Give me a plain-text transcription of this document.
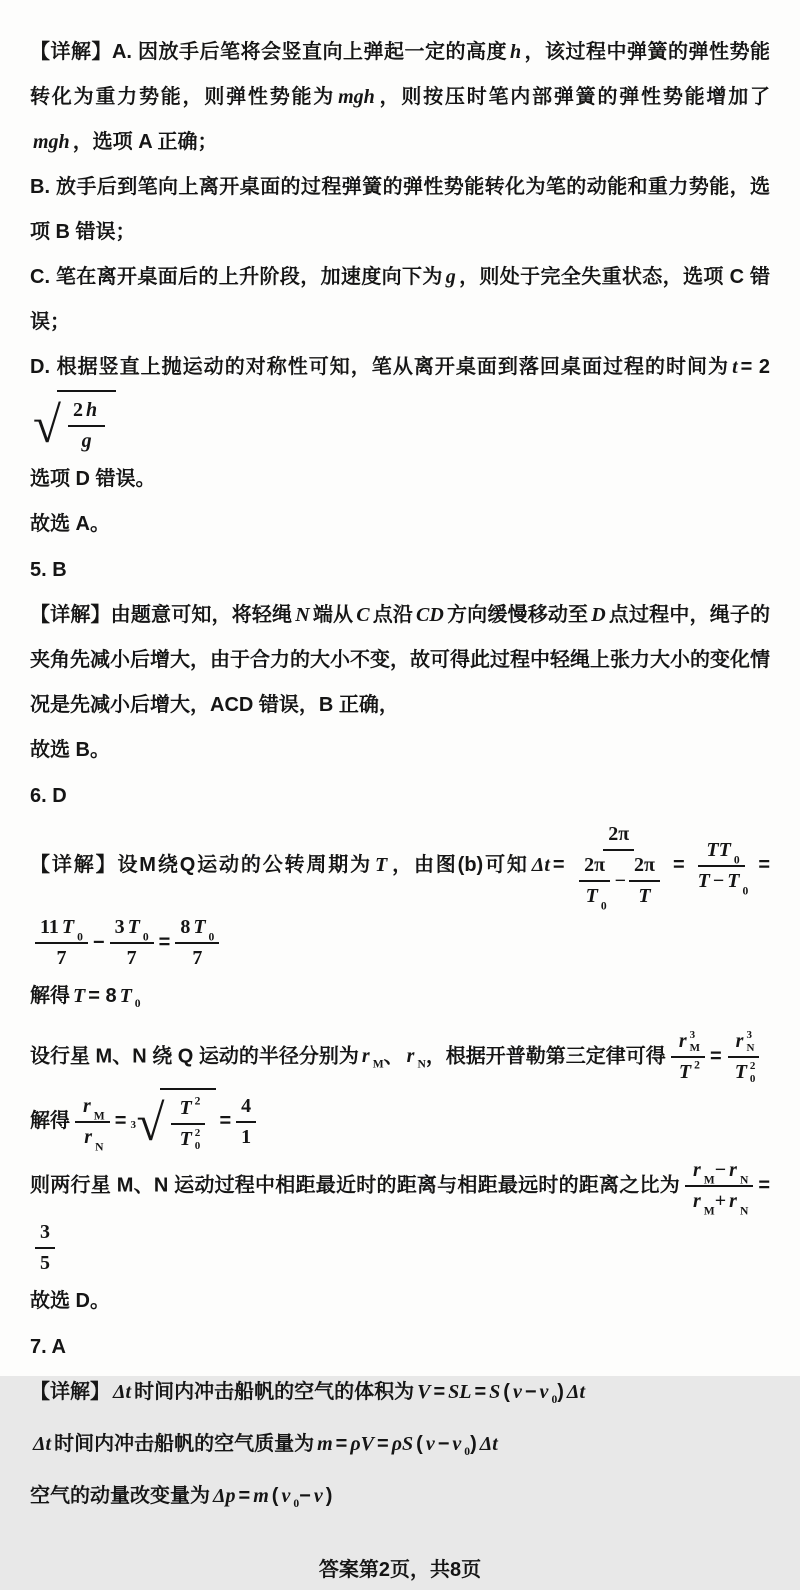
【详解】A. 因放手后笔将会竖直向上弹起一定的高度 h ，该过程中弹簧的弹性势能转化为重力势能，则弹性势能为 mgh ，则按压时笔内部弹簧的弹性势能增加了mgh ，选项 A 正确；
B. 放手后到笔向上离开桌面的过程弹簧的弹性势能转化为笔的动能和重力势能，选项 B 错误；
C. 笔在离开桌面后的上升阶段，加速度向下为 g ，则处于完全失重状态，选项 C 错误；
D. 根据竖直上抛运动的对称性可知，笔从离开桌面到落回桌面过程的时间为 t = 2
√ $\frac{2 h}{g}$
选项 D 错误。
故选 A。
5. B
【详解】由题意可知，将轻绳 N 端从 C 点沿 CD 方向缓慢移动至 D 点过程中，绳子的夹角先减小后增大，由于合力的大小不变，故可得此过程中轻绳上张力大小的变化情况是先减小后增大，ACD 错误，B 正确，
故选 B。
6. D
【详解】设M绕Q运动的公转周期为 T ，由图(b)可知 $\Delta t = \frac{2\pi}{\frac{2\pi}{T _0} - \frac{2\pi}{T}} = \frac{TT _0}{T - T _0}$ =
$\frac{11 T _0}{7} - \frac{3 T _0}{7} = \frac{8 T _0}{7}$
解得 T = 8 T $_0$
设行星 M、N 绕 Q 运动的半径分别为 r $_M$、 r $_N$，根据开普勒第三定律可得 r 3
M
T $^2$ = r 3
N
T 2
0
解得 $\frac{r _M}{r _N} = 3$ √ T $^2$
T 2
$0 = \frac{4}{1}$
则两行星 M、N 运动过程中相距最近时的距离与相距最远时的距离之比为 $\frac{r _M - r _N}{r _M + r _N}$ =
$\frac{3}{5}$
故选 D。
7. A
【详解】 Δt 时间内冲击船帆的空气的体积为 V = SL = S ( v − v $_0$) Δt
Δt 时间内冲击船帆的空气质量为 m = ρV = ρS ( v − v $_0$) Δt
空气的动量改变量为 Δp = m ( v $_0$− v )
答案第2页，共8页
